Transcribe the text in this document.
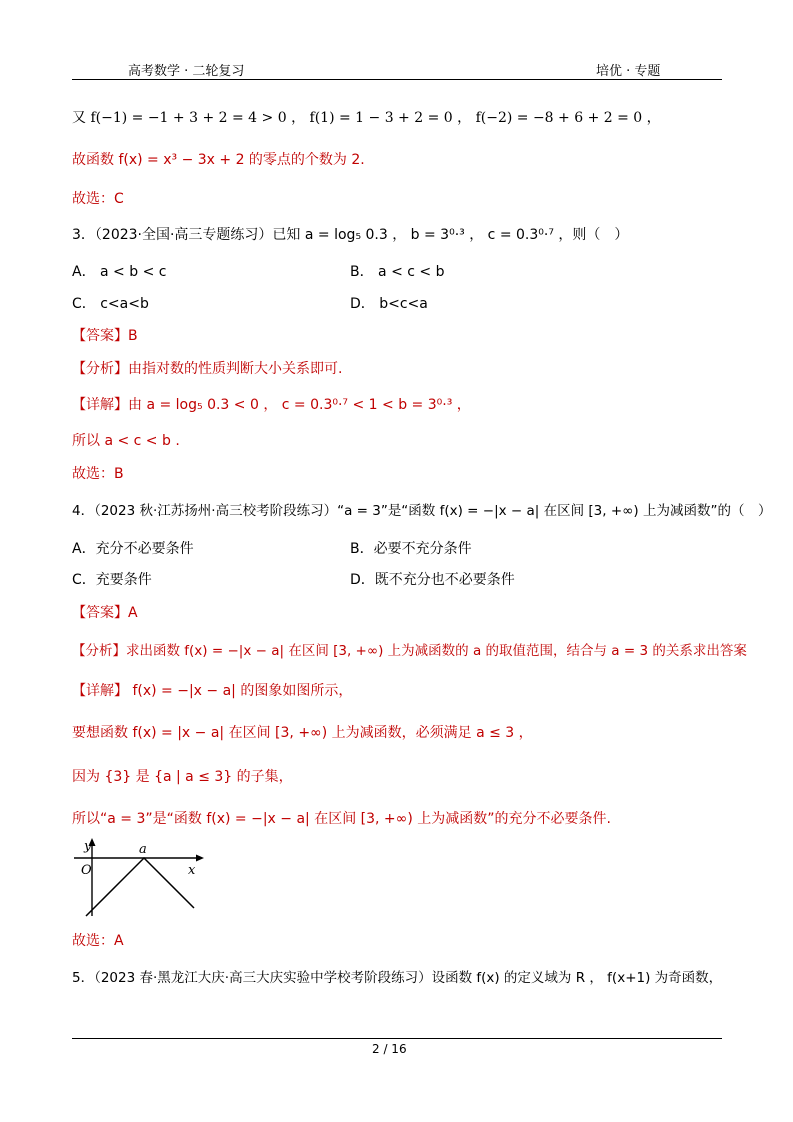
高考数学 · 二轮复习	培优 · 专题
又 f(−1) = −1 + 3 + 2 = 4 > 0 ， f(1) = 1 − 3 + 2 = 0 ， f(−2) = −8 + 6 + 2 = 0 ，
故函数 f(x) = x³ − 3x + 2 的零点的个数为 2.
故选：C
3．（2023·全国·高三专题练习）已知 a = log₅ 0.3 ， b = 3⁰·³ ， c = 0.3⁰·⁷ ，则（　）
A． a < b < c	B． a < c < b
C． c<a<b	D． b<c<a
【答案】B
【分析】由指对数的性质判断大小关系即可.
【详解】由 a = log₅ 0.3 < 0 ， c = 0.3⁰·⁷ < 1 < b = 3⁰·³ ，
所以 a < c < b .
故选：B
4．（2023 秋·江苏扬州·高三校考阶段练习）“a = 3”是“函数 f(x) = −|x − a| 在区间 [3, +∞) 上为减函数”的（　）
A．充分不必要条件	B．必要不充分条件
C．充要条件	D．既不充分也不必要条件
【答案】A
【分析】求出函数 f(x) = −|x − a| 在区间 [3, +∞) 上为减函数的 a 的取值范围，结合与 a = 3 的关系求出答案
【详解】 f(x) = −|x − a| 的图象如图所示，
要想函数 f(x) = |x − a| 在区间 [3, +∞) 上为减函数，必须满足 a ≤ 3 ，
因为 {3} 是 {a | a ≤ 3} 的子集，
所以“a = 3”是“函数 f(x) = −|x − a| 在区间 [3, +∞) 上为减函数”的充分不必要条件.
y
x
O
a
故选：A
5．（2023 春·黑龙江大庆·高三大庆实验中学校考阶段练习）设函数 f(x) 的定义域为 R ， f(x+1) 为奇函数，
2 / 16
